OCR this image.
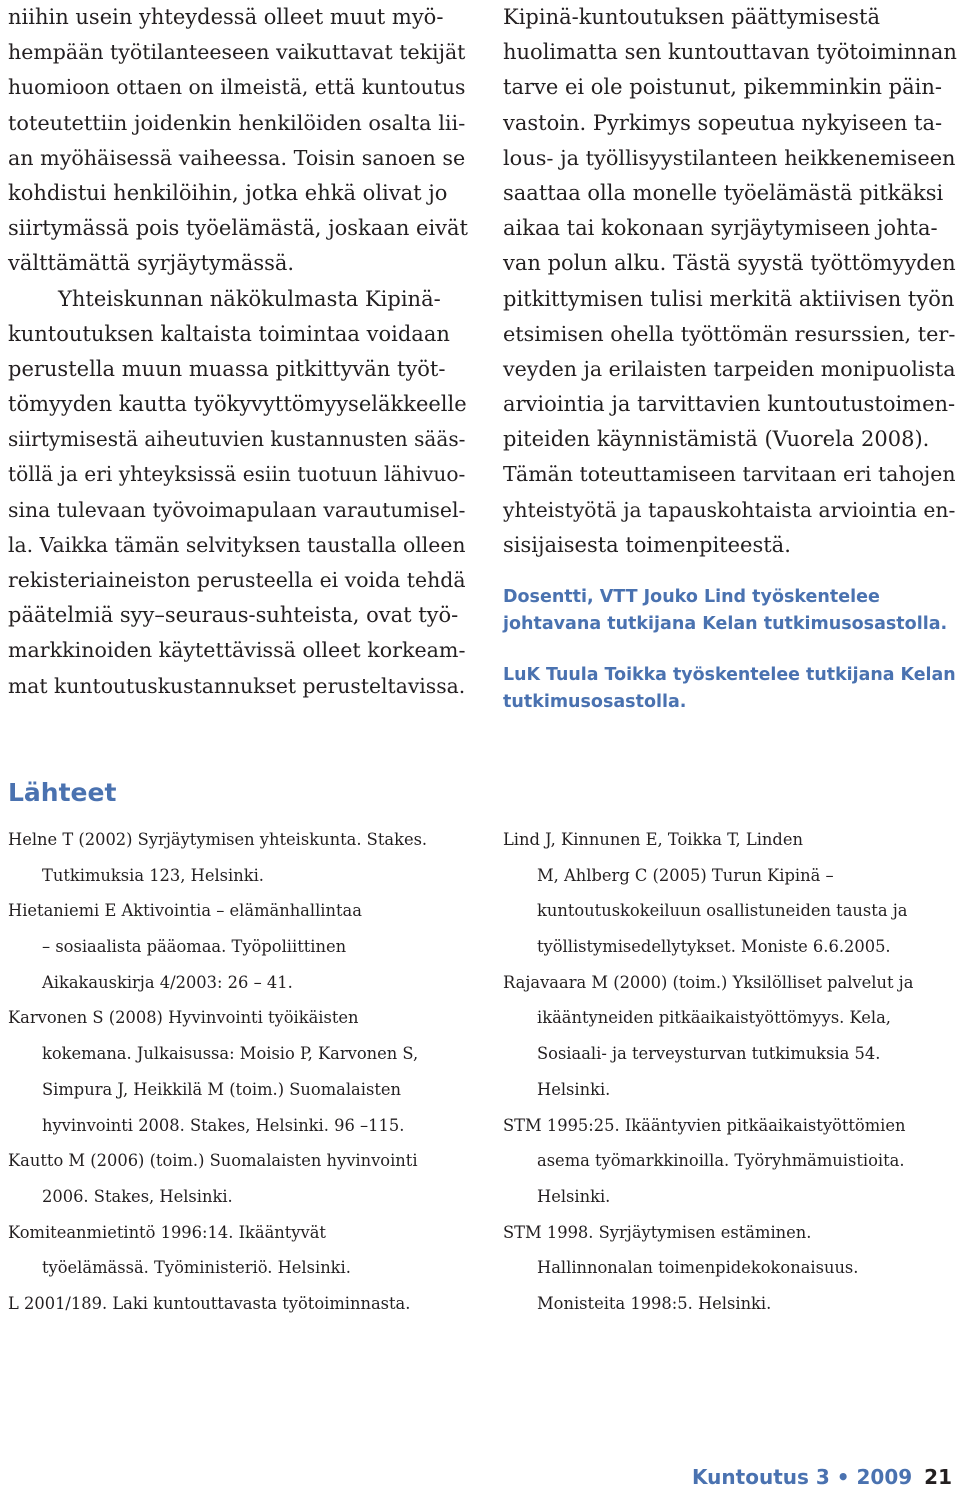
niihin usein yhteydessä olleet muut myö-
hempään työtilanteeseen vaikuttavat tekijät
huomioon ottaen on ilmeistä, että kuntoutus
toteutettiin joidenkin henkilöiden osalta lii-
an myöhäisessä vaiheessa. Toisin sanoen se
kohdistui henkilöihin, jotka ehkä olivat jo
siirtymässä pois työelämästä, joskaan eivät
välttämättä syrjäytymässä.
Yhteiskunnan näkökulmasta Kipinä-
kuntoutuksen kaltaista toimintaa voidaan
perustella muun muassa pitkittyvän työt-
tömyyden kautta työkyvyttömyyseläkkeelle
siirtymisestä aiheutuvien kustannusten sääs-
töllä ja eri yhteyksissä esiin tuotuun lähivuo-
sina tulevaan työvoimapulaan varautumisel-
la. Vaikka tämän selvityksen taustalla olleen
rekisteriaineiston perusteella ei voida tehdä
päätelmiä syy–seuraus-suhteista, ovat työ-
markkinoiden käytettävissä olleet korkeam-
mat kuntoutuskustannukset perusteltavissa.
Kipinä-kuntoutuksen päättymisestä
huolimatta sen kuntouttavan työtoiminnan
tarve ei ole poistunut, pikemminkin päin-
vastoin. Pyrkimys sopeutua nykyiseen ta-
lous- ja työllisyystilanteen heikkenemiseen
saattaa olla monelle työelämästä pitkäksi
aikaa tai kokonaan syrjäytymiseen johta-
van polun alku. Tästä syystä työttömyyden
pitkittymisen tulisi merkitä aktiivisen työn
etsimisen ohella työttömän resurssien, ter-
veyden ja erilaisten tarpeiden monipuolista
arviointia ja tarvittavien kuntoutustoimen-
piteiden käynnistämistä (Vuorela 2008).
Tämän toteuttamiseen tarvitaan eri tahojen
yhteistyötä ja tapauskohtaista arviointia en-
sisijaisesta toimenpiteestä.
Dosentti, VTT Jouko Lind työskentelee
johtavana tutkijana Kelan tutkimusosastolla.
LuK Tuula Toikka työskentelee tutkijana Kelan
tutkimusosastolla.
Lähteet
Helne T (2002) Syrjäytymisen yhteiskunta. Stakes.
Tutkimuksia 123, Helsinki.
Hietaniemi E Aktivointia – elämänhallintaa
– sosiaalista pääomaa. Työpoliittinen
Aikakauskirja 4/2003: 26 – 41.
Karvonen S (2008) Hyvinvointi työikäisten
kokemana. Julkaisussa: Moisio P, Karvonen S,
Simpura J, Heikkilä M (toim.) Suomalaisten
hyvinvointi 2008. Stakes, Helsinki. 96 –115.
Kautto M (2006) (toim.) Suomalaisten hyvinvointi
2006. Stakes, Helsinki.
Komiteanmietintö 1996:14. Ikääntyvät
työelämässä. Työministeriö. Helsinki.
L 2001/189. Laki kuntouttavasta työtoiminnasta.
Lind J, Kinnunen E, Toikka T, Linden
M, Ahlberg C (2005) Turun Kipinä –
kuntoutuskokeiluun osallistuneiden tausta ja
työllistymisedellytykset. Moniste 6.6.2005.
Rajavaara M (2000) (toim.) Yksilölliset palvelut ja
ikääntyneiden pitkäaikaistyöttömyys. Kela,
Sosiaali- ja terveysturvan tutkimuksia 54.
Helsinki.
STM 1995:25. Ikääntyvien pitkäaikaistyöttömien
asema työmarkkinoilla. Työryhmämuistioita.
Helsinki.
STM 1998. Syrjäytymisen estäminen.
Hallinnonalan toimenpidekokonaisuus.
Monisteita 1998:5. Helsinki.
Kuntoutus 3 • 2009 21
